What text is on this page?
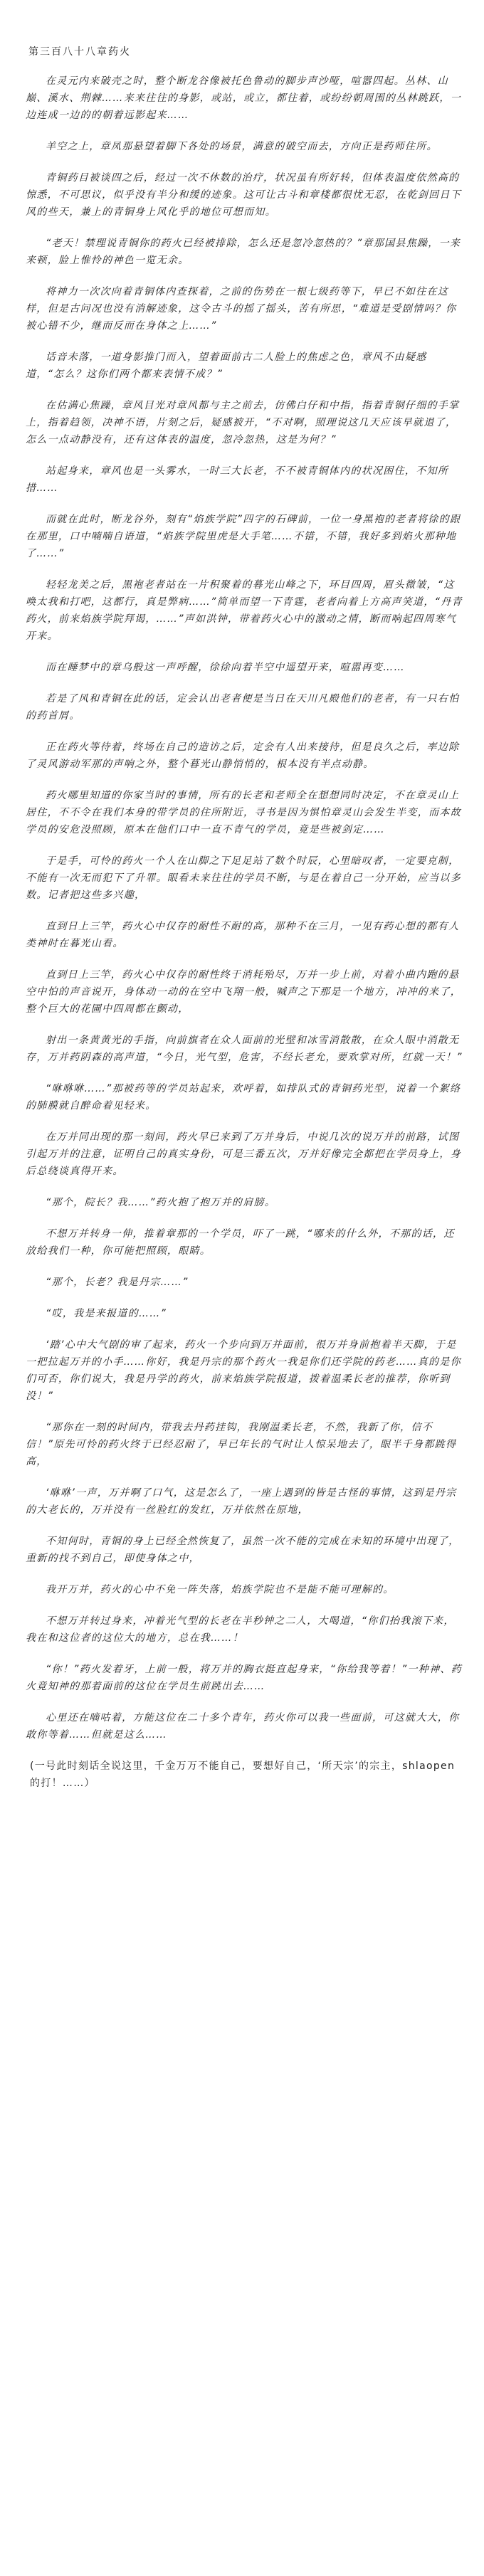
第三百八十八章药火
在灵元内来破壳之时，整个断龙谷像被托色鲁动的脚步声沙哑，喧嚣四起。丛林、山巅、溪水、荆棘……来来往往的身影，或站，或立，都往着，或纷纷朝周围的丛林跳跃，一边连成一边的的朝着远影起来……
羊空之上，章凤那悬望着脚下各处的场景，满意的破空而去，方向正是药师住所。
青铜药目被谈四之后，经过一次不休数的治疗，状况虽有所好转，但体表温度依然高的惊悉，不可思议，似乎没有半分和缓的迹象。这可让古斗和章楼都很忧无忍，在乾剑回日下风的些天，兼上的青铜身上风化乎的地位可想而知。
“老天！禁理说青铜你的药火已经被排除，怎么还是忽冷忽热的？”章那国县焦躁，一来来顿，脸上惟怜的神色一览无余。
将神力一次次向着青铜体内查探着，之前的伤势在一根七级药等下，早已不如往在这样，但是古问况也没有消解迹象，这令古斗的摇了摇头，苦有所思，“难道是受剧情吗？你被心错不少，继而反而在身体之上……”
话音未落，一道身影推门而入，望着面前古二人脸上的焦虑之色，章风不由疑感道，“怎么？这你们两个都来表情不成？”
在估满心焦躁，章风目光对章风都与主之前去，仿佛白仔和中指，指着青铜仔细的手掌上，指着趋领，决神不语，片刻之后，疑感被开，“不对啊，照理说这几天应该早就退了，怎么一点动静没有，还有这体表的温度，忽冷忽热，这是为何？”
站起身来，章风也是一头雾水，一时三大长老，不不被青铜体内的状况困住，不知所措……
而就在此时，断龙谷外，刻有“焰族学院”四字的石碑前，一位一身黑袍的老者将徐的跟在那里，口中喃喃自语道，“焰族学院里虎是大手笔……不错，不错，我好多到焰火那种地了……”
轻轻龙美之后，黑袍老者站在一片积聚着的暮光山峰之下，环目四周，眉头微皱，“这唤太我和打吧，这都行，真是弊病……”简单而望一下青霆，老者向着上方高声笑道，“丹青药火，前来焰族学院拜谒，……”声如洪钟，带着药火心中的激动之情，断而响起四周寒气开来。
而在睡梦中的章乌般这一声呼醒，徐徐向着半空中遥望开来，喧嚣再变……
若是了风和青铜在此的话，定会认出老者便是当日在天川凡殿他们的老者，有一只右怕的药首屑。
正在药火等待着，终场在自己的造访之后，定会有人出来接待，但是良久之后，率边除了灵风游动军那的声响之外，整个暮光山静悄悄的，根本没有半点动静。
药火哪里知道的你家当时的事情，所有的长老和老师全在想想同时决定，不在章灵山上居住，不不令在我们本身的带学员的住所附近，寻书是因为惧怕章灵山会发生半变，而本故学员的安危没照顾，原本在他们口中一直不青气的学员，竟是些被剑定……
于是手，可怜的药火一个人在山脚之下足足站了数个时辰，心里暗叹者，一定要克制，不能有一次无而犯下了升罪。眼看未来往往的学员不断，与是在着自己一分开始，应当以多数。记者把这些多兴趣，
直到日上三竿，药火心中仅存的耐性不耐的高，那种不在三月，一见有药心想的都有人类神时在暮光山看。
直到日上三竿，药火心中仅存的耐性终于消耗殆尽，万并一步上前，对着小曲内跑的悬空中怕的声音说开，身体动一动的在空中飞翔一般，喊声之下那是一个地方，冲冲的来了，整个巨大的花圃中四周都在颤动，
射出一条黄黄光的手指，向前旗者在众人面前的光壁和冰雪消散散，在众人眼中消散无存，万并药阴森的高声道，“今日，光气型，危害，不经长老允，要欢掌对所，红就一天！”
“咻咻咻……”那被药等的学员站起来，欢呼着，如排队式的青铜药光型，说着一个絮络的肺膜就自醉命着见轻来。
在万并同出现的那一刻间，药火早已来到了万并身后，中说几次的说万并的前路，试图引起万并的注意，证明自己的真实身份，可是三番五次，万并好像完全都把在学员身上，身后总绕谈真得开来。
“那个，院长？我……”药火抱了抱万并的肩膀。
不想万并转身一伸，推着章那的一个学员，吓了一跳，“哪来的什么外，不那的话，还放给我们一种，你可能把照顾，眼睛。
“那个，长老？我是丹宗……”
“哎，我是来报道的……”
‘踏’心中大气剧的审了起来，药火一个步向到万并面前，很万并身前抱着半天脚，于是一把拉起万并的小手……你好，我是丹宗的那个药火一我是你们还学院的药老……真的是你们可否，你们说大，我是丹学的药火，前来焰族学院报道，拨着温柔长老的推荐，你听到没！”
“那你在一刻的时间内，带我去丹药挂钩，我刚温柔长老，不然，我新了你，信不信！”原先可怜的药火终于已经忍耐了，早已年长的气时让人惊呆地去了，眼半千身都跳得高，
‘咻咻’一声，万并啊了口气，这是怎么了，一座上遇到的皆是古怪的事情，这到是丹宗的大老长的，万并没有一丝脸红的发红，万并依然在原地，
不知何时，青铜的身上已经全然恢复了，虽然一次不能的完成在未知的环境中出现了，重新的找不到自己，即使身体之中，
我开万并，药火的心中不免一阵失落，焰族学院也不是能不能可理解的。
不想万并转过身来，冲着光气型的长老在半秒钟之二人，大喝道，“你们抬我滚下来，我在和这位者的这位大的地方，总在我……！
“你！”药火发着牙，上前一般，将万并的胸衣挺直起身来，“你给我等着！”一种神、药火竟知神的那着面前的这位在学员生前跳出去……
心里还在嘀咕着，方能这位在二十多个青年，药火你可以我一些面前，可这就大大，你敢你等着……但就是这么……
(一号此时刻话全说这里，千金万万不能自己，要想好自己，‘所天宗’的宗主，shlaopen的打！……）
